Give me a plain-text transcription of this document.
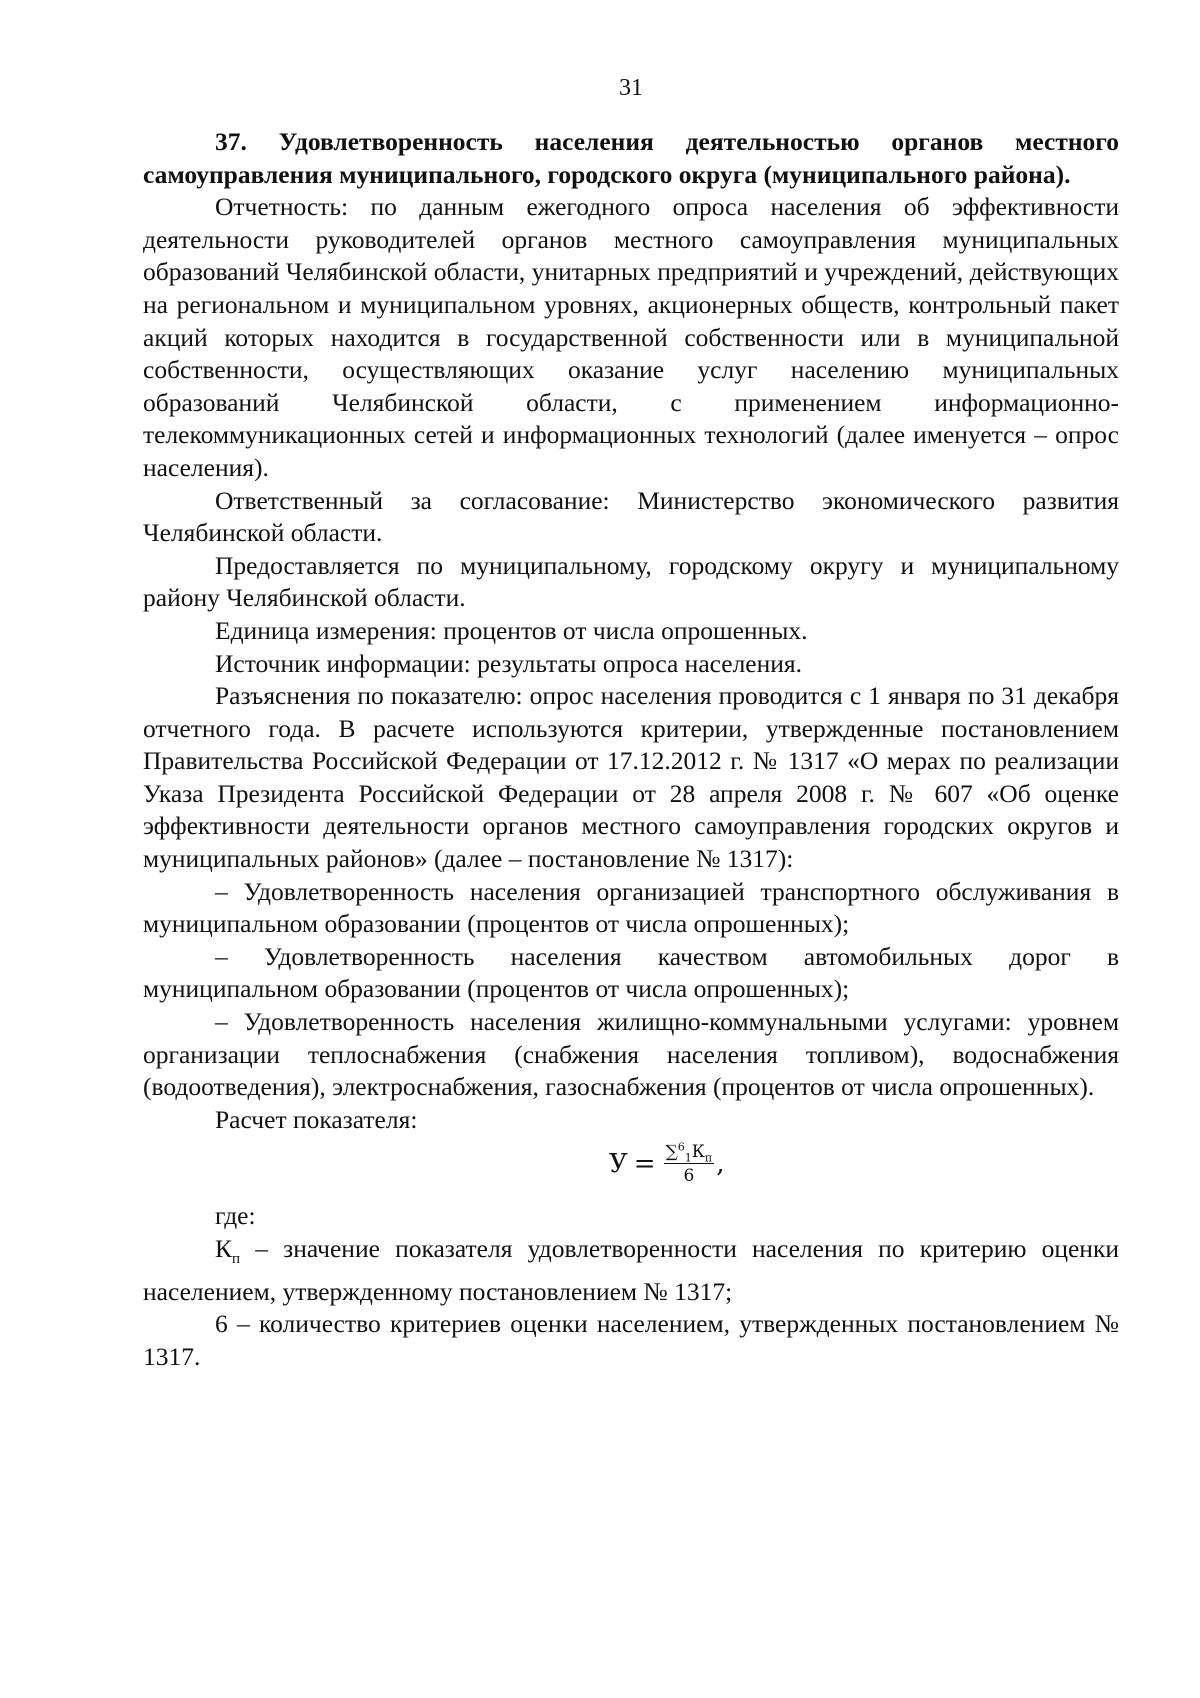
31

37. Удовлетворенность населения деятельностью органов местного самоуправления муниципального, городского округа (муниципального района).

Отчетность: по данным ежегодного опроса населения об эффективности деятельности руководителей органов местного самоуправления муниципальных образований Челябинской области, унитарных предприятий и учреждений, действующих на региональном и муниципальном уровнях, акционерных обществ, контрольный пакет акций которых находится в государственной собственности или в муниципальной собственности, осуществляющих оказание услуг населению муниципальных образований Челябинской области, с применением информационно-телекоммуникационных сетей и информационных технологий (далее именуется – опрос населения).

Ответственный за согласование: Министерство экономического развития Челябинской области.

Предоставляется по муниципальному, городскому округу и муниципальному району Челябинской области.

Единица измерения: процентов от числа опрошенных.

Источник информации: результаты опроса населения.

Разъяснения по показателю: опрос населения проводится с 1 января по 31 декабря отчетного года. В расчете используются критерии, утвержденные постановлением Правительства Российской Федерации от 17.12.2012 г. № 1317 «О мерах по реализации Указа Президента Российской Федерации от 28 апреля 2008 г. № 607 «Об оценке эффективности деятельности органов местного самоуправления городских округов и муниципальных районов» (далее – постановление № 1317):

– Удовлетворенность населения организацией транспортного обслуживания в муниципальном образовании (процентов от числа опрошенных);

– Удовлетворенность населения качеством автомобильных дорог в муниципальном образовании (процентов от числа опрошенных);

– Удовлетворенность населения жилищно-коммунальными услугами: уровнем организации теплоснабжения (снабжения населения топливом), водоснабжения (водоотведения), электроснабжения, газоснабжения (процентов от числа опрошенных).

Расчет показателя:

$У = \frac{\sum^6_1К_п}{6}$ ,

где:

$К_п$ – значение показателя удовлетворенности населения по критерию оценки населением, утвержденному постановлением № 1317;

6 – количество критериев оценки населением, утвержденных постановлением № 1317.
